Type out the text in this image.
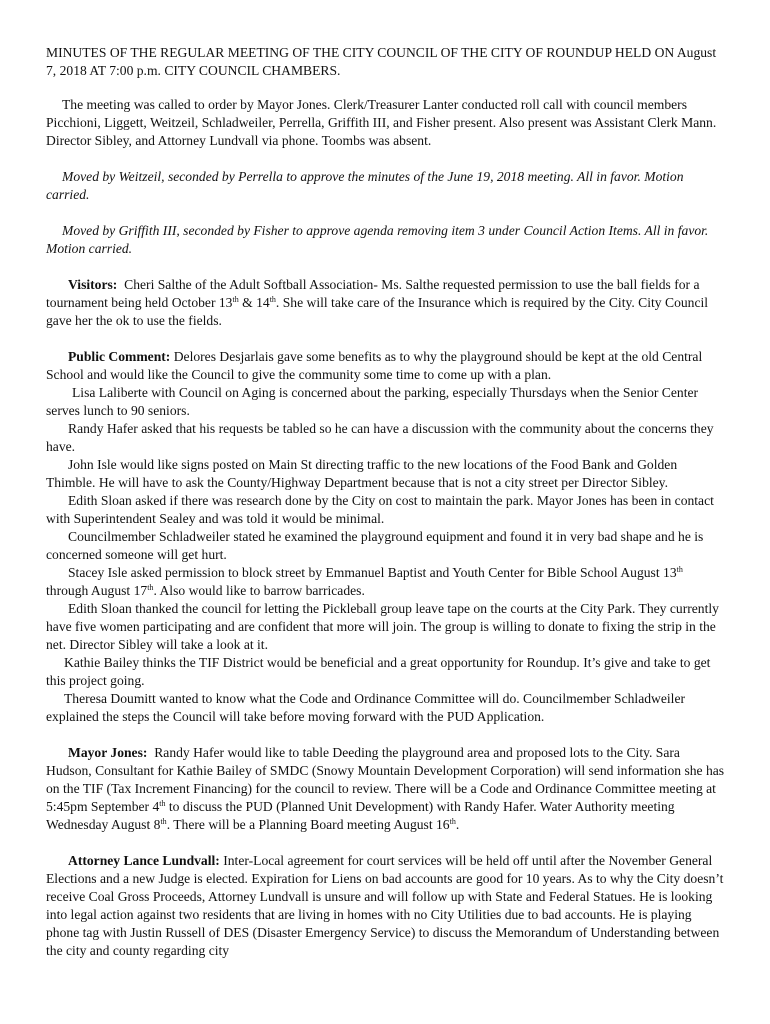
MINUTES OF THE REGULAR MEETING OF THE CITY COUNCIL OF THE CITY OF ROUNDUP HELD ON August 7, 2018 AT 7:00 p.m. CITY COUNCIL CHAMBERS.

The meeting was called to order by Mayor Jones. Clerk/Treasurer Lanter conducted roll call with council members Picchioni, Liggett, Weitzeil, Schladweiler, Perrella, Griffith III, and Fisher present. Also present was Assistant Clerk Mann. Director Sibley, and Attorney Lundvall via phone. Toombs was absent.

Moved by Weitzeil, seconded by Perrella to approve the minutes of the June 19, 2018 meeting. All in favor. Motion carried.

Moved by Griffith III, seconded by Fisher to approve agenda removing item 3 under Council Action Items. All in favor. Motion carried.

Visitors: Cheri Salthe of the Adult Softball Association- Ms. Salthe requested permission to use the ball fields for a tournament being held October 13th & 14th. She will take care of the Insurance which is required by the City. City Council gave her the ok to use the fields.

Public Comment: Delores Desjarlais gave some benefits as to why the playground should be kept at the old Central School and would like the Council to give the community some time to come up with a plan.

Lisa Laliberte with Council on Aging is concerned about the parking, especially Thursdays when the Senior Center serves lunch to 90 seniors.

Randy Hafer asked that his requests be tabled so he can have a discussion with the community about the concerns they have.

John Isle would like signs posted on Main St directing traffic to the new locations of the Food Bank and Golden Thimble. He will have to ask the County/Highway Department because that is not a city street per Director Sibley.

Edith Sloan asked if there was research done by the City on cost to maintain the park. Mayor Jones has been in contact with Superintendent Sealey and was told it would be minimal.

Councilmember Schladweiler stated he examined the playground equipment and found it in very bad shape and he is concerned someone will get hurt.

Stacey Isle asked permission to block street by Emmanuel Baptist and Youth Center for Bible School August 13th through August 17th. Also would like to barrow barricades.

Edith Sloan thanked the council for letting the Pickleball group leave tape on the courts at the City Park. They currently have five women participating and are confident that more will join. The group is willing to donate to fixing the strip in the net. Director Sibley will take a look at it.

Kathie Bailey thinks the TIF District would be beneficial and a great opportunity for Roundup. It’s give and take to get this project going.

Theresa Doumitt wanted to know what the Code and Ordinance Committee will do. Councilmember Schladweiler explained the steps the Council will take before moving forward with the PUD Application.

Mayor Jones: Randy Hafer would like to table Deeding the playground area and proposed lots to the City. Sara Hudson, Consultant for Kathie Bailey of SMDC (Snowy Mountain Development Corporation) will send information she has on the TIF (Tax Increment Financing) for the council to review. There will be a Code and Ordinance Committee meeting at 5:45pm September 4th to discuss the PUD (Planned Unit Development) with Randy Hafer. Water Authority meeting Wednesday August 8th. There will be a Planning Board meeting August 16th.

Attorney Lance Lundvall: Inter-Local agreement for court services will be held off until after the November General Elections and a new Judge is elected. Expiration for Liens on bad accounts are good for 10 years. As to why the City doesn’t receive Coal Gross Proceeds, Attorney Lundvall is unsure and will follow up with State and Federal Statues. He is looking into legal action against two residents that are living in homes with no City Utilities due to bad accounts. He is playing phone tag with Justin Russell of DES (Disaster Emergency Service) to discuss the Memorandum of Understanding between the city and county regarding city
